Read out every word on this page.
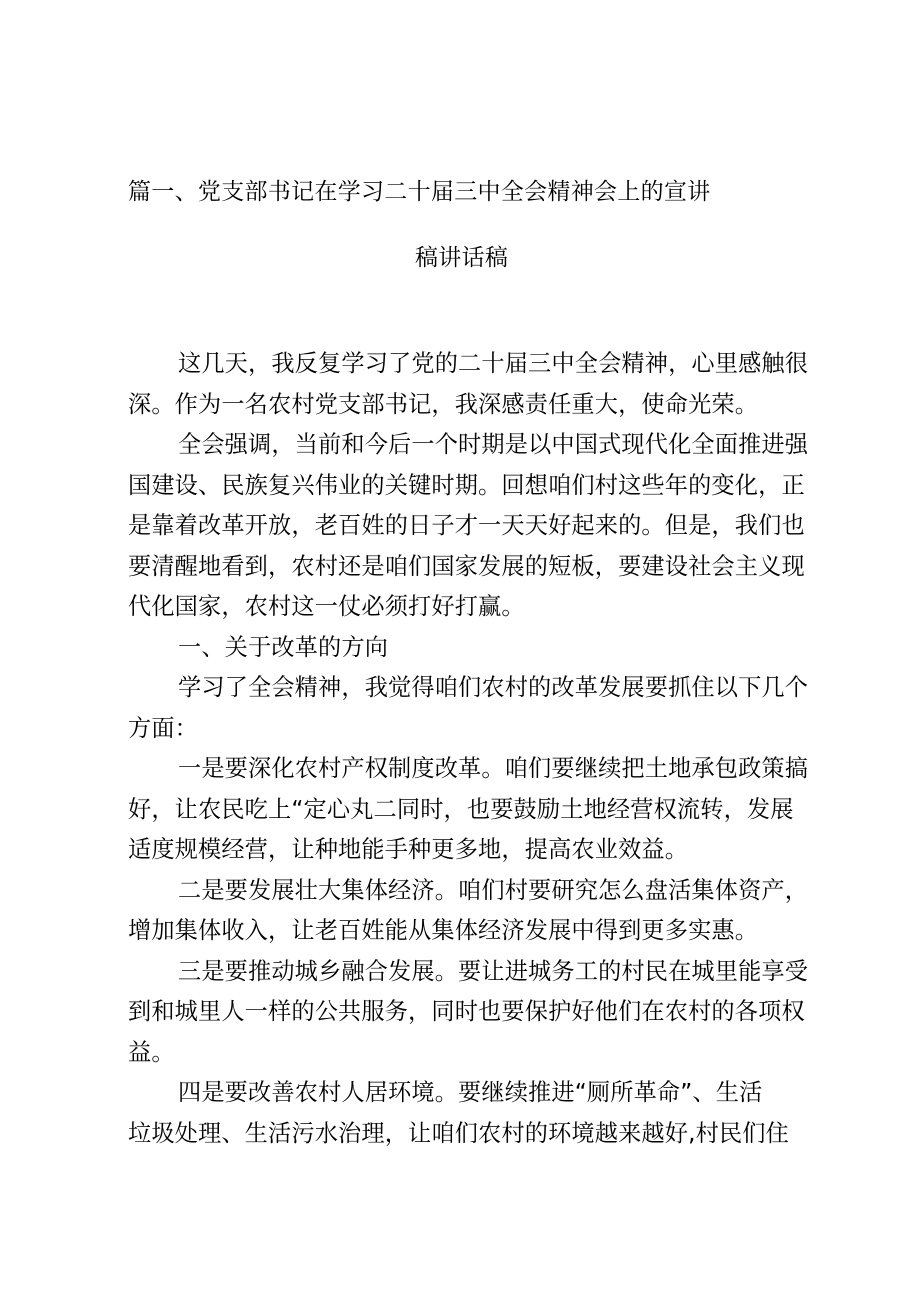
篇一、党支部书记在学习二十届三中全会精神会上的宣讲
稿讲话稿
这几天，我反复学习了党的二十届三中全会精神，心里感触很
深。作为一名农村党支部书记，我深感责任重大，使命光荣。
全会强调，当前和今后一个时期是以中国式现代化全面推进强
国建设、民族复兴伟业的关键时期。回想咱们村这些年的变化，正
是靠着改革开放，老百姓的日子才一天天好起来的。但是，我们也
要清醒地看到，农村还是咱们国家发展的短板，要建设社会主义现
代化国家，农村这一仗必须打好打赢。
一、关于改革的方向
学习了全会精神，我觉得咱们农村的改革发展要抓住以下几个
方面：
一是要深化农村产权制度改革。咱们要继续把土地承包政策搞
好，让农民吃上“定心丸二同时，也要鼓励土地经营权流转，发展
适度规模经营，让种地能手种更多地，提高农业效益。
二是要发展壮大集体经济。咱们村要研究怎么盘活集体资产，
增加集体收入，让老百姓能从集体经济发展中得到更多实惠。
三是要推动城乡融合发展。要让进城务工的村民在城里能享受
到和城里人一样的公共服务，同时也要保护好他们在农村的各项权
益。
四是要改善农村人居环境。要继续推进“厕所革命”、生活
垃圾处理、生活污水治理，让咱们农村的环境越来越好,村民们住
